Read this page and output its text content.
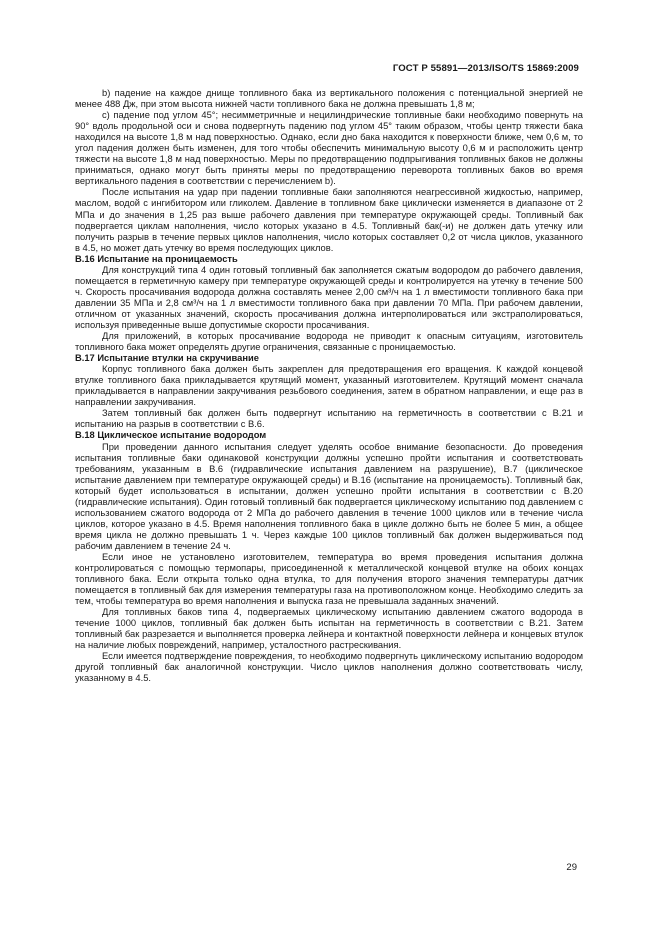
ГОСТ Р 55891—2013/ISO/TS 15869:2009

b) падение на каждое днище топливного бака из вертикального положения с потенциальной энергией не менее 488 Дж, при этом высота нижней части топливного бака не должна превышать 1,8 м;

c) падение под углом 45°; несимметричные и нецилиндрические топливные баки необходимо повернуть на 90° вдоль продольной оси и снова подвергнуть падению под углом 45° таким образом, чтобы центр тяжести бака находился на высоте 1,8 м над поверхностью. Однако, если дно бака находится к поверхности ближе, чем 0,6 м, то угол падения должен быть изменен, для того чтобы обеспечить минимальную высоту 0,6 м и расположить центр тяжести на высоте 1,8 м над поверхностью. Меры по предотвращению подпрыгивания топливных баков не должны приниматься, однако могут быть приняты меры по предотвращению переворота топливных баков во время вертикального падения в соответствии с перечислением b).

После испытания на удар при падении топливные баки заполняются неагрессивной жидкостью, например, маслом, водой с ингибитором или гликолем. Давление в топливном баке циклически изменяется в диапазоне от 2 МПа и до значения в 1,25 раз выше рабочего давления при температуре окружающей среды. Топливный бак подвергается циклам наполнения, число которых указано в 4.5. Топливный бак(-и) не должен дать утечку или получить разрыв в течение первых циклов наполнения, число которых составляет 0,2 от числа циклов, указанного в 4.5, но может дать утечку во время последующих циклов.

В.16 Испытание на проницаемость

Для конструкций типа 4 один готовый топливный бак заполняется сжатым водородом до рабочего давления, помещается в герметичную камеру при температуре окружающей среды и контролируется на утечку в течение 500 ч. Скорость просачивания водорода должна составлять менее 2,00 см³/ч на 1 л вместимости топливного бака при давлении 35 МПа и 2,8 см³/ч на 1 л вместимости топливного бака при давлении 70 МПа. При рабочем давлении, отличном от указанных значений, скорость просачивания должна интерполироваться или экстраполироваться, используя приведенные выше допустимые скорости просачивания.

Для приложений, в которых просачивание водорода не приводит к опасным ситуациям, изготовитель топливного бака может определять другие ограничения, связанные с проницаемостью.

В.17 Испытание втулки на скручивание

Корпус топливного бака должен быть закреплен для предотвращения его вращения. К каждой концевой втулке топливного бака прикладывается крутящий момент, указанный изготовителем. Крутящий момент сначала прикладывается в направлении закручивания резьбового соединения, затем в обратном направлении, и еще раз в направлении закручивания.

Затем топливный бак должен быть подвергнут испытанию на герметичность в соответствии с В.21 и испытанию на разрыв в соответствии с В.6.

В.18 Циклическое испытание водородом

При проведении данного испытания следует уделять особое внимание безопасности. До проведения испытания топливные баки одинаковой конструкции должны успешно пройти испытания и соответствовать требованиям, указанным в В.6 (гидравлические испытания давлением на разрушение), В.7 (циклическое испытание давлением при температуре окружающей среды) и В.16 (испытание на проницаемость). Топливный бак, который будет использоваться в испытании, должен успешно пройти испытания в соответствии с В.20 (гидравлические испытания). Один готовый топливный бак подвергается циклическому испытанию под давлением с использованием сжатого водорода от 2 МПа до рабочего давления в течение 1000 циклов или в течение числа циклов, которое указано в 4.5. Время наполнения топливного бака в цикле должно быть не более 5 мин, а общее время цикла не должно превышать 1 ч. Через каждые 100 циклов топливный бак должен выдерживаться под рабочим давлением в течение 24 ч.

Если иное не установлено изготовителем, температура во время проведения испытания должна контролироваться с помощью термопары, присоединенной к металлической концевой втулке на обоих концах топливного бака. Если открыта только одна втулка, то для получения второго значения температуры датчик помещается в топливный бак для измерения температуры газа на противоположном конце. Необходимо следить за тем, чтобы температура во время наполнения и выпуска газа не превышала заданных значений.

Для топливных баков типа 4, подвергаемых циклическому испытанию давлением сжатого водорода в течение 1000 циклов, топливный бак должен быть испытан на герметичность в соответствии с В.21. Затем топливный бак разрезается и выполняется проверка лейнера и контактной поверхности лейнера и концевых втулок на наличие любых повреждений, например, усталостного растрескивания.

Если имеется подтверждение повреждения, то необходимо подвергнуть циклическому испытанию водородом другой топливный бак аналогичной конструкции. Число циклов наполнения должно соответствовать числу, указанному в 4.5.

29
